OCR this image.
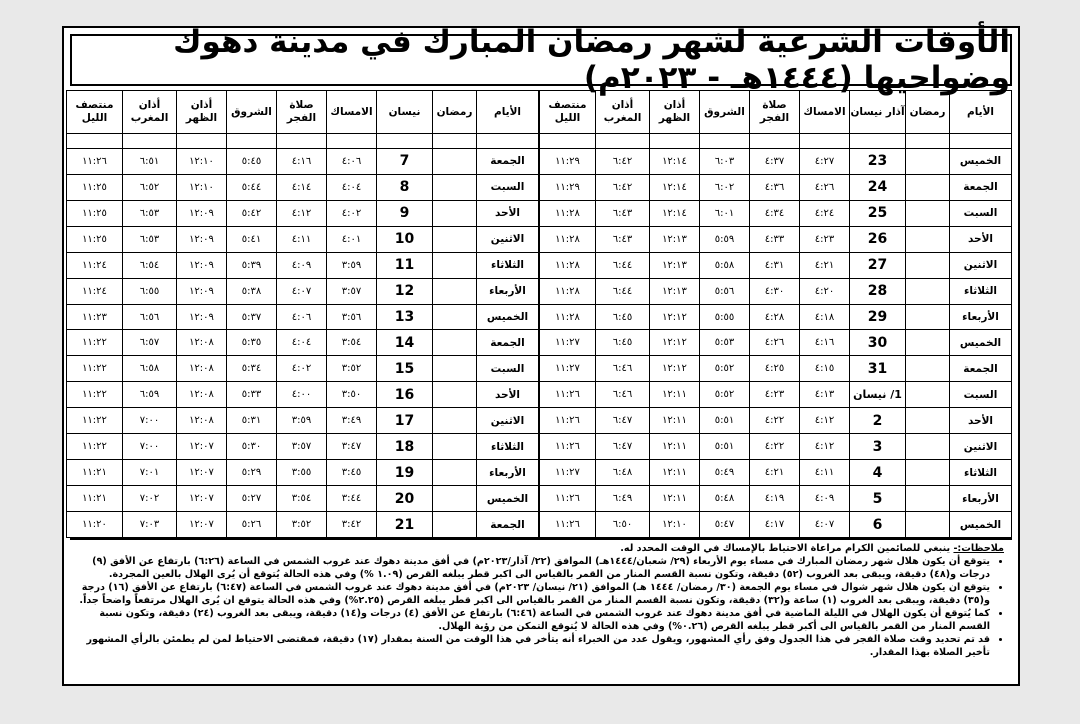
الأوقات الشرعية لشهر رمضان المبارك في مدينة دهوك وضواحيها (١٤٤٤هـ - ٢٠٢٣م)
الأيام	رمضان	آذار نيسان	الامساك	صلاة الفجر	الشروق	أذان الظهر	أذان المغرب	منتصف الليل

الخميس		23	٤:٢٧	٤:٣٧	٦:٠٣	١٢:١٤	٦:٤٢	١١:٢٩
الجمعة		24	٤:٢٦	٤:٣٦	٦:٠٢	١٢:١٤	٦:٤٢	١١:٢٩
السبت		25	٤:٢٤	٤:٣٤	٦:٠١	١٢:١٤	٦:٤٣	١١:٢٨
الأحد		26	٤:٢٣	٤:٣٣	٥:٥٩	١٢:١٣	٦:٤٣	١١:٢٨
الاثنين		27	٤:٢١	٤:٣١	٥:٥٨	١٢:١٣	٦:٤٤	١١:٢٨
الثلاثاء		28	٤:٢٠	٤:٣٠	٥:٥٦	١٢:١٣	٦:٤٤	١١:٢٨
الأربعاء		29	٤:١٨	٤:٢٨	٥:٥٥	١٢:١٢	٦:٤٥	١١:٢٨
الخميس		30	٤:١٦	٤:٢٦	٥:٥٣	١٢:١٢	٦:٤٥	١١:٢٧
الجمعة		31	٤:١٥	٤:٢٥	٥:٥٢	١٢:١٢	٦:٤٦	١١:٢٧
السبت		1/ نيسان	٤:١٣	٤:٢٣	٥:٥٢	١٢:١١	٦:٤٦	١١:٢٦
الأحد		2	٤:١٢	٤:٢٢	٥:٥١	١٢:١١	٦:٤٧	١١:٢٦
الاثنين		3	٤:١٢	٤:٢٢	٥:٥١	١٢:١١	٦:٤٧	١١:٢٦
الثلاثاء		4	٤:١١	٤:٢١	٥:٤٩	١٢:١١	٦:٤٨	١١:٢٧
الأربعاء		5	٤:٠٩	٤:١٩	٥:٤٨	١٢:١١	٦:٤٩	١١:٢٦
الخميس		6	٤:٠٧	٤:١٧	٥:٤٧	١٢:١٠	٦:٥٠	١١:٢٦
الأيام	رمضان	نيسان	الامساك	صلاة الفجر	الشروق	أذان الظهر	أذان المغرب	منتصف الليل

الجمعة		7	٤:٠٦	٤:١٦	٥:٤٥	١٢:١٠	٦:٥١	١١:٢٦
السبت		8	٤:٠٤	٤:١٤	٥:٤٤	١٢:١٠	٦:٥٢	١١:٢٥
الأحد		9	٤:٠٢	٤:١٢	٥:٤٢	١٢:٠٩	٦:٥٣	١١:٢٥
الاثنين		10	٤:٠١	٤:١١	٥:٤١	١٢:٠٩	٦:٥٣	١١:٢٥
الثلاثاء		11	٣:٥٩	٤:٠٩	٥:٣٩	١٢:٠٩	٦:٥٤	١١:٢٤
الأربعاء		12	٣:٥٧	٤:٠٧	٥:٣٨	١٢:٠٩	٦:٥٥	١١:٢٤
الخميس		13	٣:٥٦	٤:٠٦	٥:٣٧	١٢:٠٩	٦:٥٦	١١:٢٣
الجمعة		14	٣:٥٤	٤:٠٤	٥:٣٥	١٢:٠٨	٦:٥٧	١١:٢٢
السبت		15	٣:٥٢	٤:٠٢	٥:٣٤	١٢:٠٨	٦:٥٨	١١:٢٢
الأحد		16	٣:٥٠	٤:٠٠	٥:٣٣	١٢:٠٨	٦:٥٩	١١:٢٢
الاثنين		17	٣:٤٩	٣:٥٩	٥:٣١	١٢:٠٨	٧:٠٠	١١:٢٢
الثلاثاء		18	٣:٤٧	٣:٥٧	٥:٣٠	١٢:٠٧	٧:٠٠	١١:٢٢
الأربعاء		19	٣:٤٥	٣:٥٥	٥:٢٩	١٢:٠٧	٧:٠١	١١:٢١
الخميس		20	٣:٤٤	٣:٥٤	٥:٢٧	١٢:٠٧	٧:٠٢	١١:٢١
الجمعة		21	٣:٤٢	٣:٥٢	٥:٢٦	١٢:٠٧	٧:٠٣	١١:٢٠

ملاحظات:- ينبغي للصائمين الكرام مراعاة الاحتياط بالإمساك في الوقت المحدد له.

• يتوقع أن يكون هلال شهر رمضان المبارك في مساء يوم الأربعاء (٢٩/ شعبان/١٤٤٤هـ) الموافق (٢٢/ آذار/٢٠٢٣م) في أفق مدينة دهوك عند غروب الشمس في الساعة (٦:٢٦) بارتفاع عن الأفق (٩) درجات و(٤٨) دقيقة، ويبقى بعد الغروب (٥٢) دقيقة، وتكون نسبة القسم المنار من القمر بالقياس الى اكبر قطر يبلغه القرص (١.٠٩ %) وفي هذه الحالة يُتوقع أن يُرى الهلال بالعين المجردة.
• يتوقع ان يكون هلال شهر شوال في مساء يوم الجمعة (٣٠/ رمضان/ ١٤٤٤ هـ) الموافق (٢١/ نيسان/ ٢٠٢٣م) في أفق مدينة دهوك عند غروب الشمس في الساعة (٦:٤٧) بارتفاع عن الأفق (١٦) درجة و(٣٥) دقيقة، ويبقى بعد الغروب (١) ساعة و(٣٢) دقيقة، وتكون نسبة القسم المنار من القمر بالقياس الى اكبر قطر يبلغه القرص (٢.٢٥%) وفي هذه الحالة يتوقع ان يُرى الهلال مرتفعاً واضحاً جداً.
• كما يُتوقع أن يكون الهلال في الليلة الماضية في أفق مدينة دهوك عند غروب الشمس في الساعة (٦:٤٦) بارتفاع عن الأفق (٤) درجات و(١٤) دقيقة، ويبقى بعد الغروب (٢٤) دقيقة، وتكون نسبة القسم المنار من القمر بالقياس الى أكبر قطر يبلغه القرص (٠.٢٦%) وفي هذه الحالة لا يُتوقع التمكن من رؤية الهلال.
• قد تم تحديد وقت صلاة الفجر في هذا الجدول وفق رأي المشهور، ويقول عدد من الخبراء أنه يتأخر في هذا الوقت من السنة بمقدار (١٧) دقيقة، فمقتضى الاحتياط لمن لم يطمئن بالرأي المشهور تأخير الصلاة بهذا المقدار.
